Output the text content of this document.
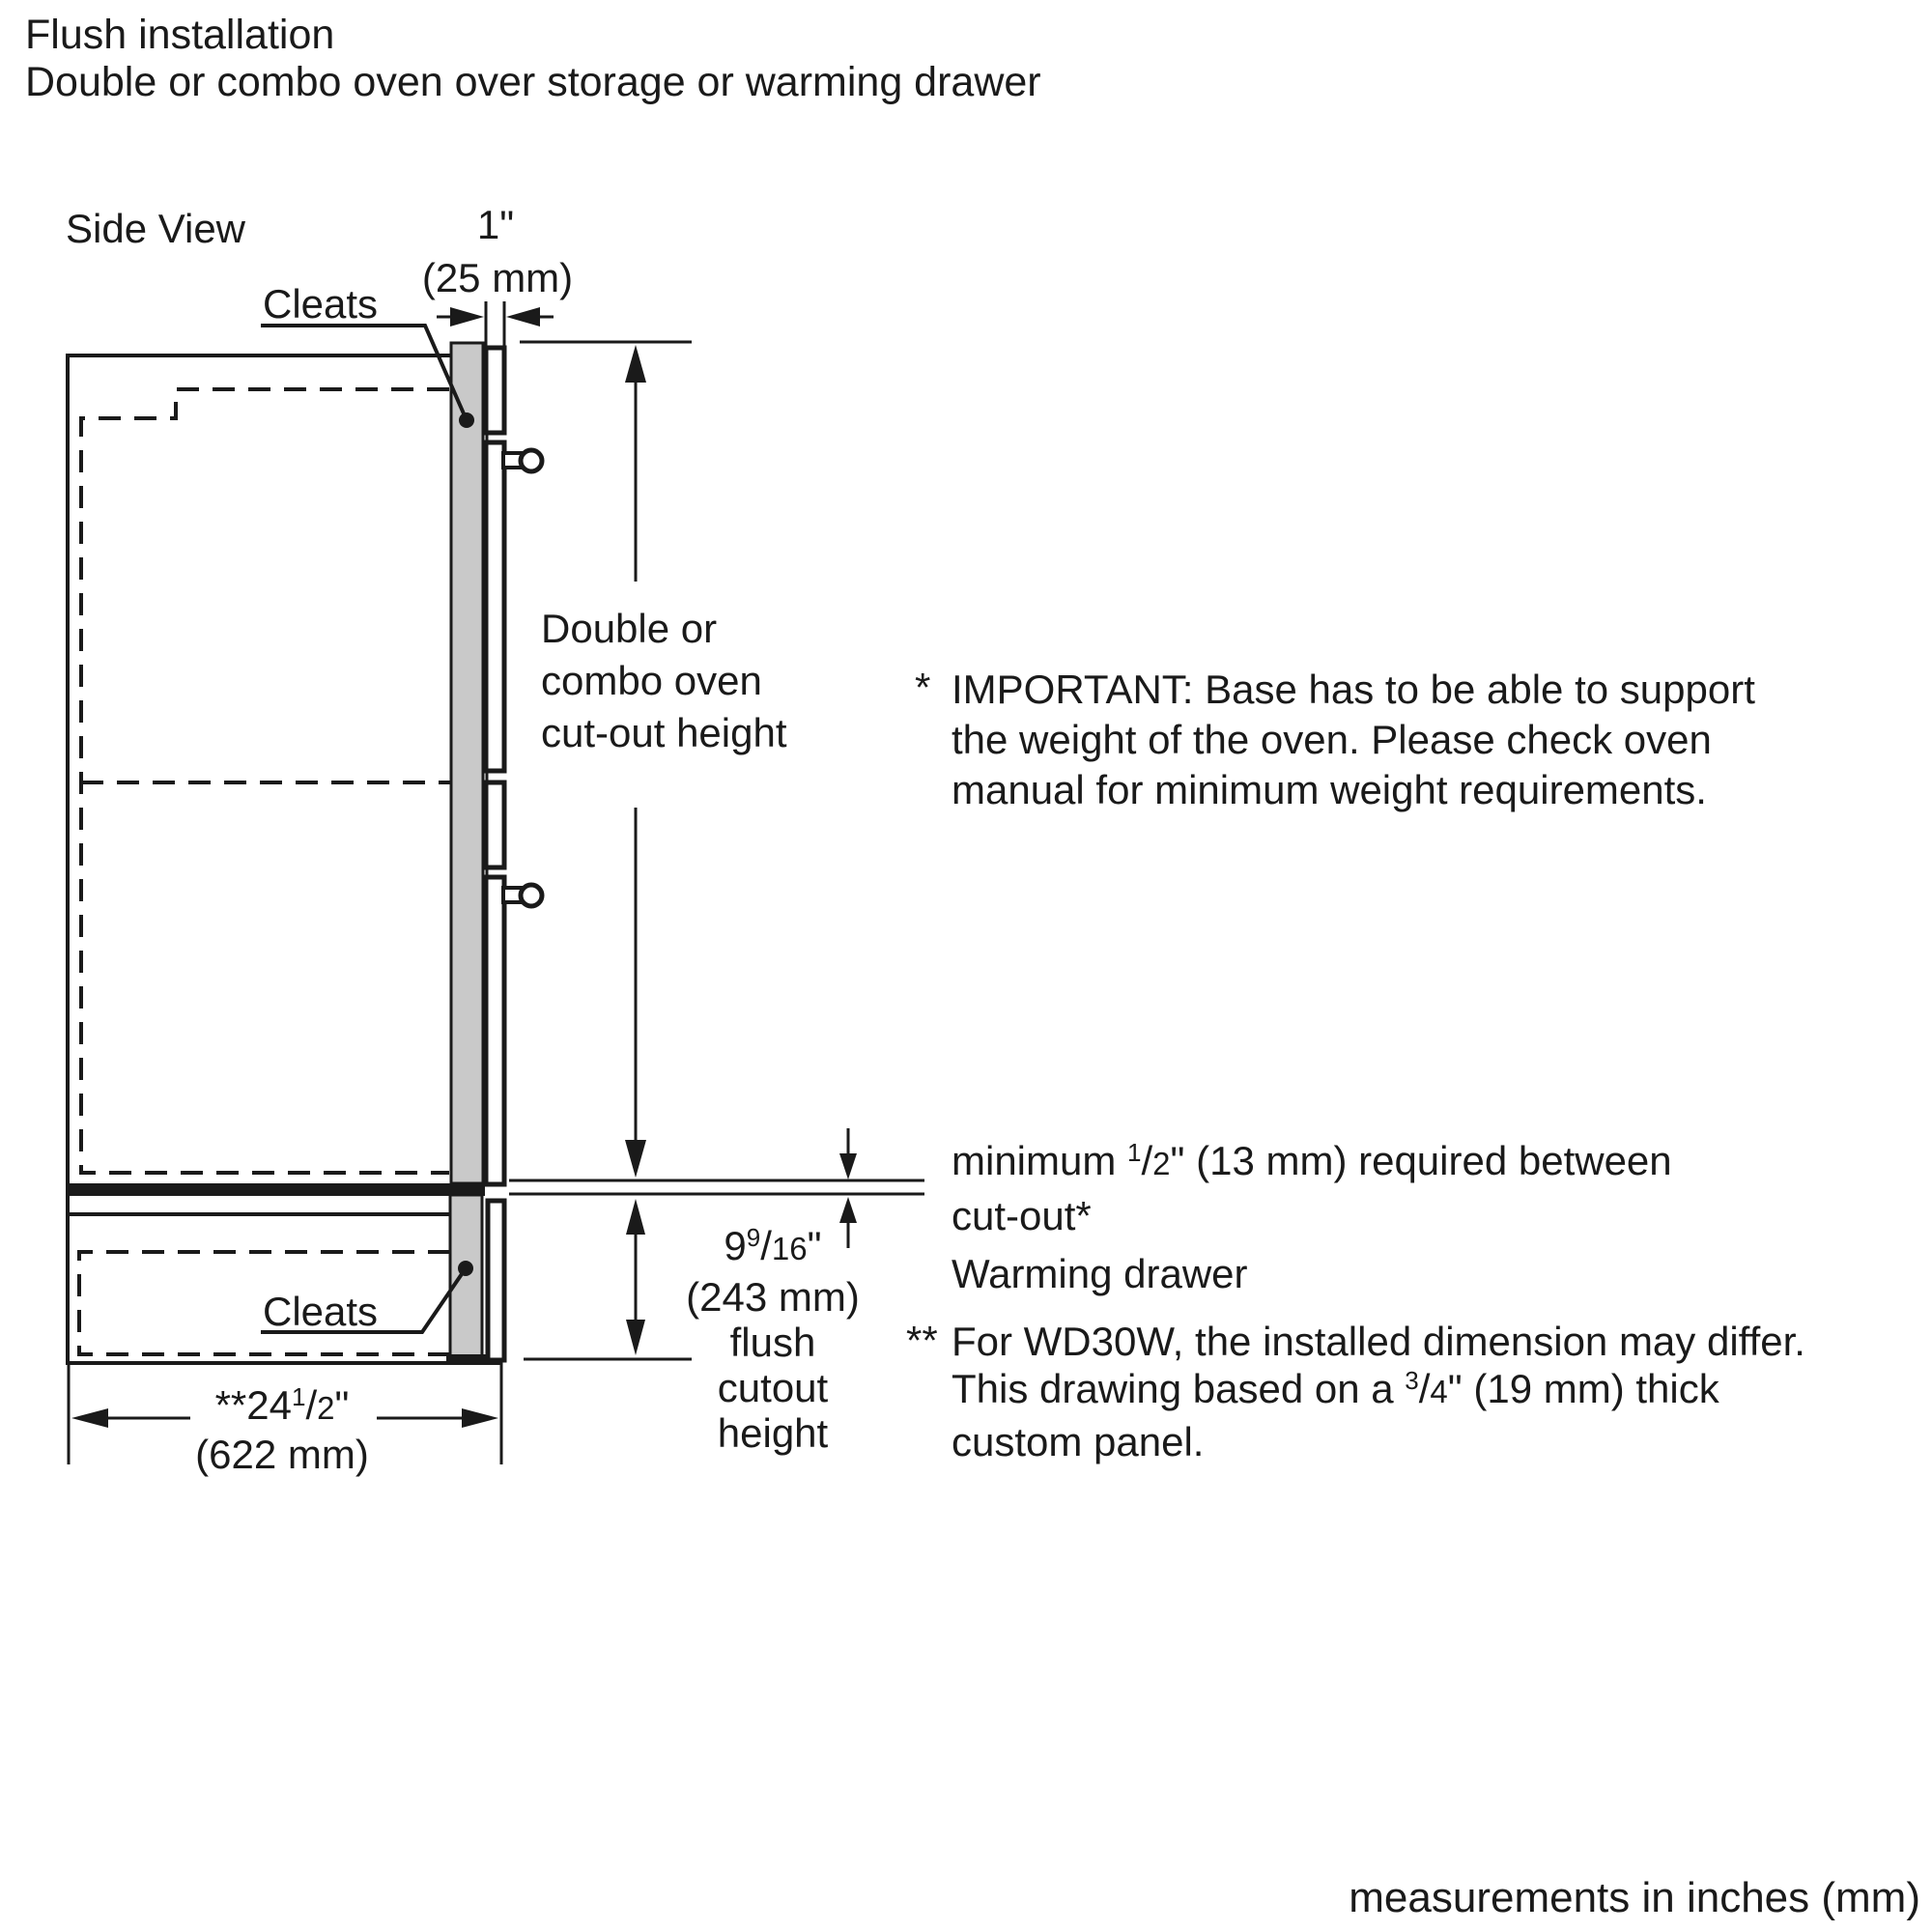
Flush installation
Double or combo oven over storage or warming drawer
Side View	1"
(25 mm)
Cleats
Cleats
Double or
combo oven
cut-out height
$9^9/16$"
(243 mm)
flush
cutout
height
$**24^1/2$"
(622 mm)
* IMPORTANT: Base has to be able to support
the weight of the oven. Please check oven
manual for minimum weight requirements.
minimum $^1$/2" (13 mm) required between
cut-out*
Warming drawer
** For WD30W, the installed dimension may differ.
This drawing based on a $^3$/4" (19 mm) thick
custom panel.
measurements in inches (mm)
